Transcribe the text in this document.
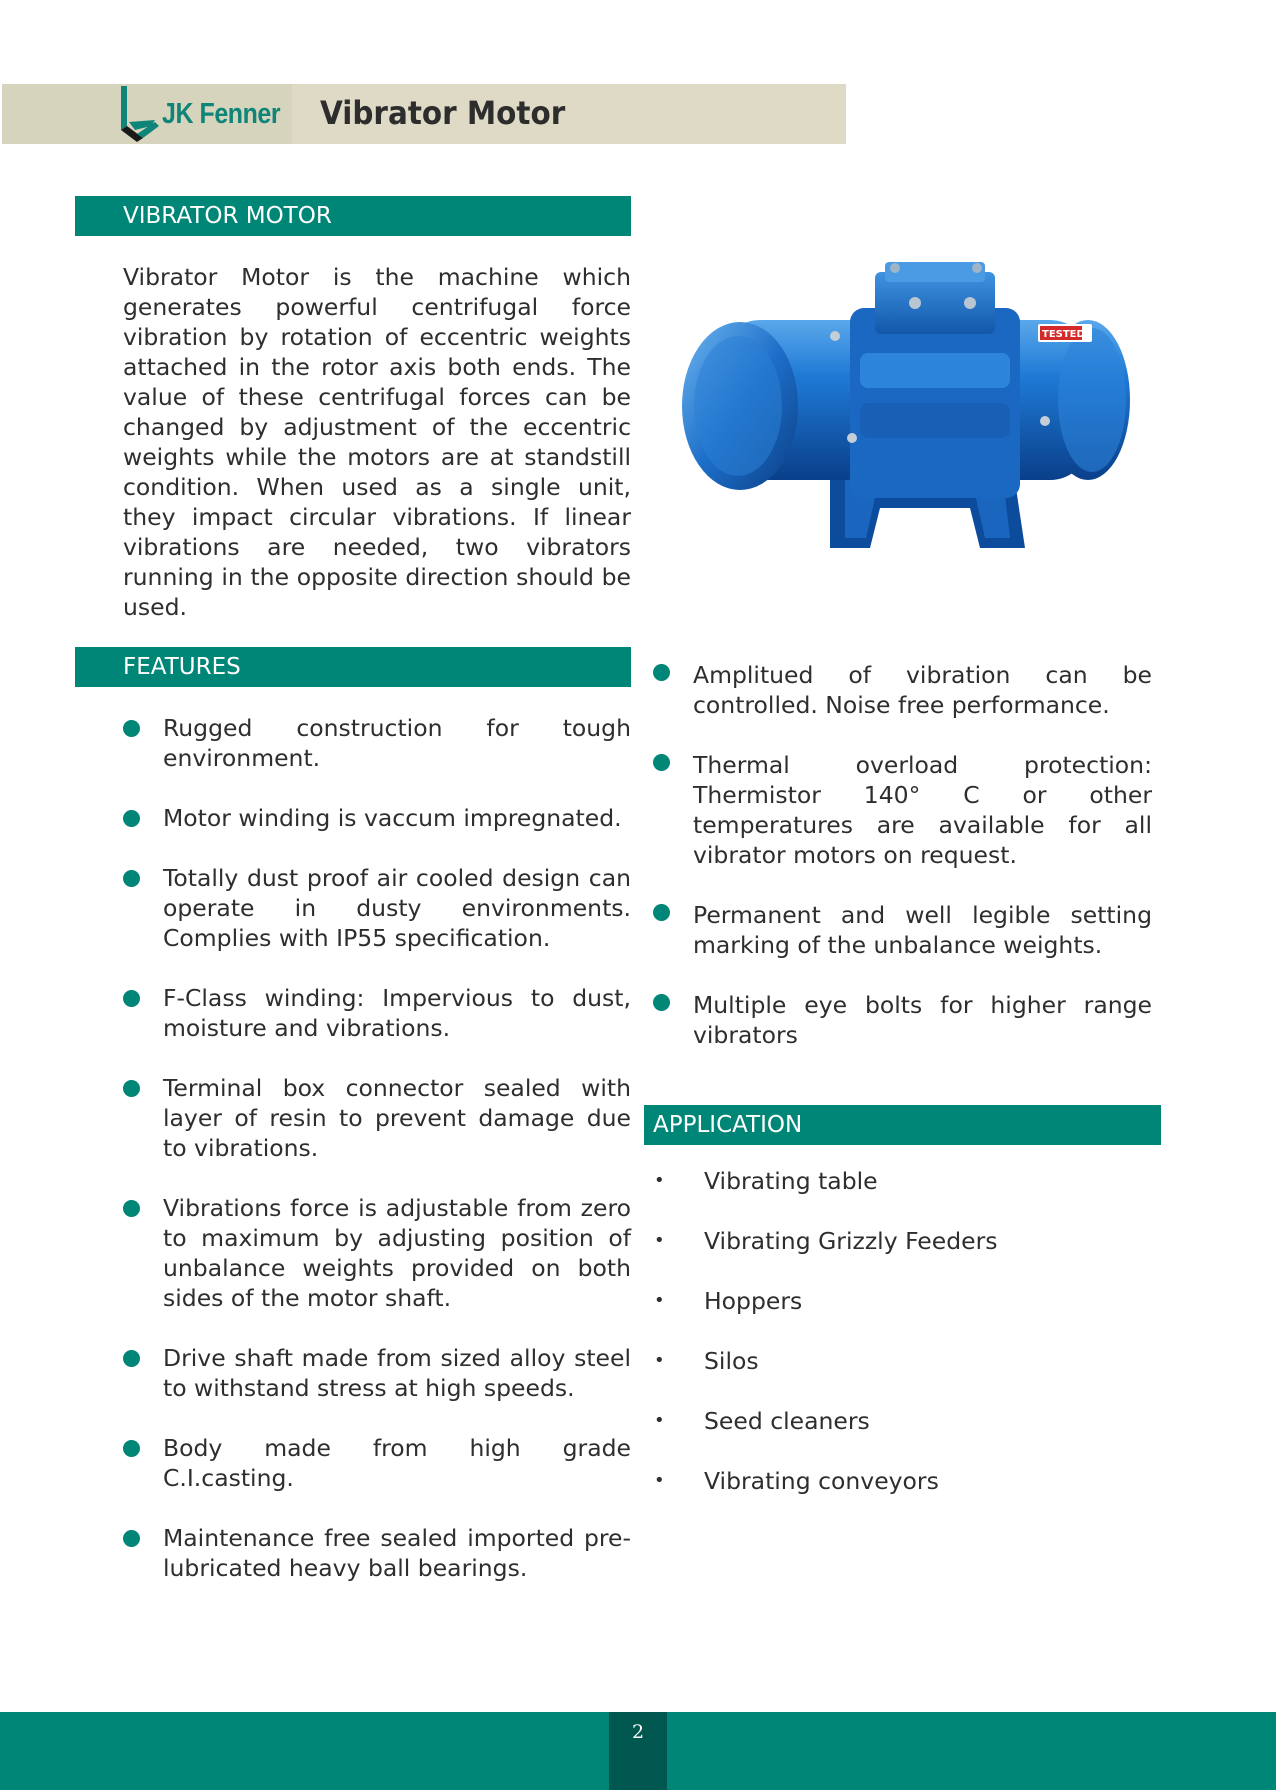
JK Fenner Vibrator Motor
VIBRATOR MOTOR
Vibrator Motor is the machine which generates powerful centrifugal force vibration by rotation of eccentric weights attached in the rotor axis both ends. The value of these centrifugal forces can be changed by adjustment of the eccentric weights while the motors are at standstill condition. When used as a single unit, they impact circular vibrations. If linear vibrations are needed, two vibrators running in the opposite direction should be used.
TESTED
FEATURES
Rugged construction for tough environment.
Motor winding is vaccum impregnated.
Totally dust proof air cooled design can operate in dusty environments. Complies with IP55 specification.
F-Class winding: Impervious to dust, moisture and vibrations.
Terminal box connector sealed with layer of resin to prevent damage due to vibrations.
Vibrations force is adjustable from zero to maximum by adjusting position of unbalance weights provided on both sides of the motor shaft.
Drive shaft made from sized alloy steel to withstand stress at high speeds.
Body made from high grade C.I.casting.
Maintenance free sealed imported pre-lubricated heavy ball bearings.
Amplitued of vibration can be controlled. Noise free performance.
Thermal overload protection: Thermistor 140° C or other temperatures are available for all vibrator motors on request.
Permanent and well legible setting marking of the unbalance weights.
Multiple eye bolts for higher range vibrators
APPLICATION
• Vibrating table
• Vibrating Grizzly Feeders
• Hoppers
• Silos
• Seed cleaners
• Vibrating conveyors
2
